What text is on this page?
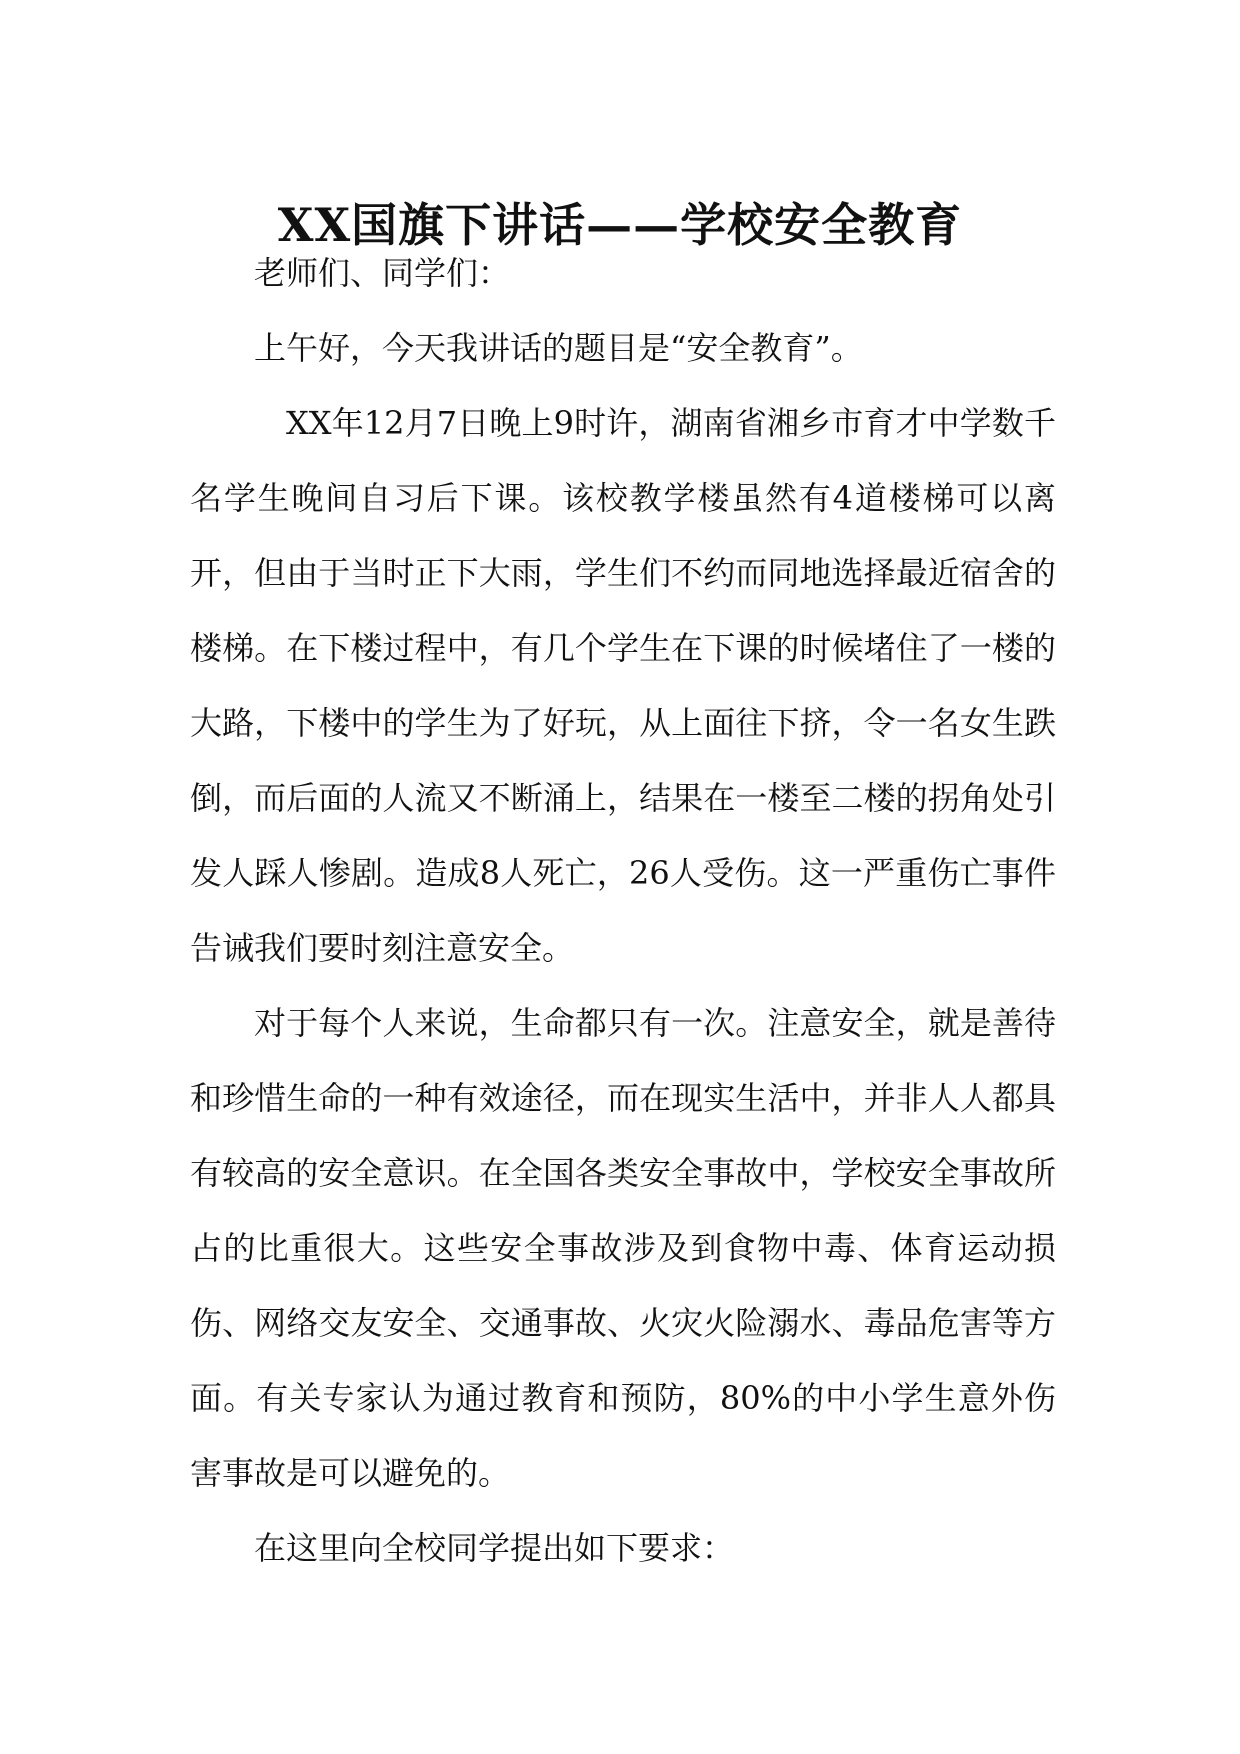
XX国旗下讲话——学校安全教育

老师们、同学们：

上午好，今天我讲话的题目是“安全教育”。

XX年12月7日晚上9时许，湖南省湘乡市育才中学数千名学生晚间自习后下课。该校教学楼虽然有4道楼梯可以离开，但由于当时正下大雨，学生们不约而同地选择最近宿舍的楼梯。在下楼过程中，有几个学生在下课的时候堵住了一楼的大路，下楼中的学生为了好玩，从上面往下挤，令一名女生跌倒，而后面的人流又不断涌上，结果在一楼至二楼的拐角处引发人踩人惨剧。造成8人死亡，26人受伤。这一严重伤亡事件告诫我们要时刻注意安全。

对于每个人来说，生命都只有一次。注意安全，就是善待和珍惜生命的一种有效途径，而在现实生活中，并非人人都具有较高的安全意识。在全国各类安全事故中，学校安全事故所占的比重很大。这些安全事故涉及到食物中毒、体育运动损伤、网络交友安全、交通事故、火灾火险溺水、毒品危害等方面。有关专家认为通过教育和预防，80%的中小学生意外伤害事故是可以避免的。

在这里向全校同学提出如下要求：
